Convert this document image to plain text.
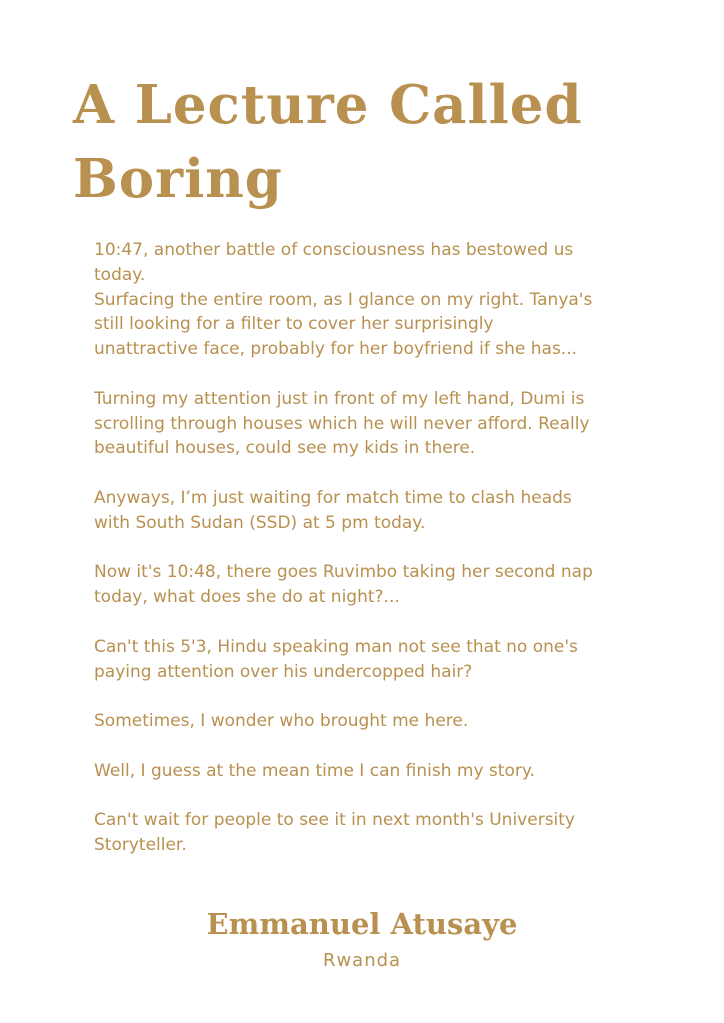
A Lecture Called
Boring

10:47, another battle of consciousness has bestowed us
today.
Surfacing the entire room, as I glance on my right. Tanya's
still looking for a filter to cover her surprisingly
unattractive face, probably for her boyfriend if she has...

Turning my attention just in front of my left hand, Dumi is
scrolling through houses which he will never afford. Really
beautiful houses, could see my kids in there.

Anyways, I’m just waiting for match time to clash heads
with South Sudan (SSD) at 5 pm today.

Now it's 10:48, there goes Ruvimbo taking her second nap
today, what does she do at night?...

Can't this 5'3, Hindu speaking man not see that no one's
paying attention over his undercopped hair?

Sometimes, I wonder who brought me here.

Well, I guess at the mean time I can finish my story.

Can't wait for people to see it in next month's University
Storyteller.

Emmanuel Atusaye
Rwanda
